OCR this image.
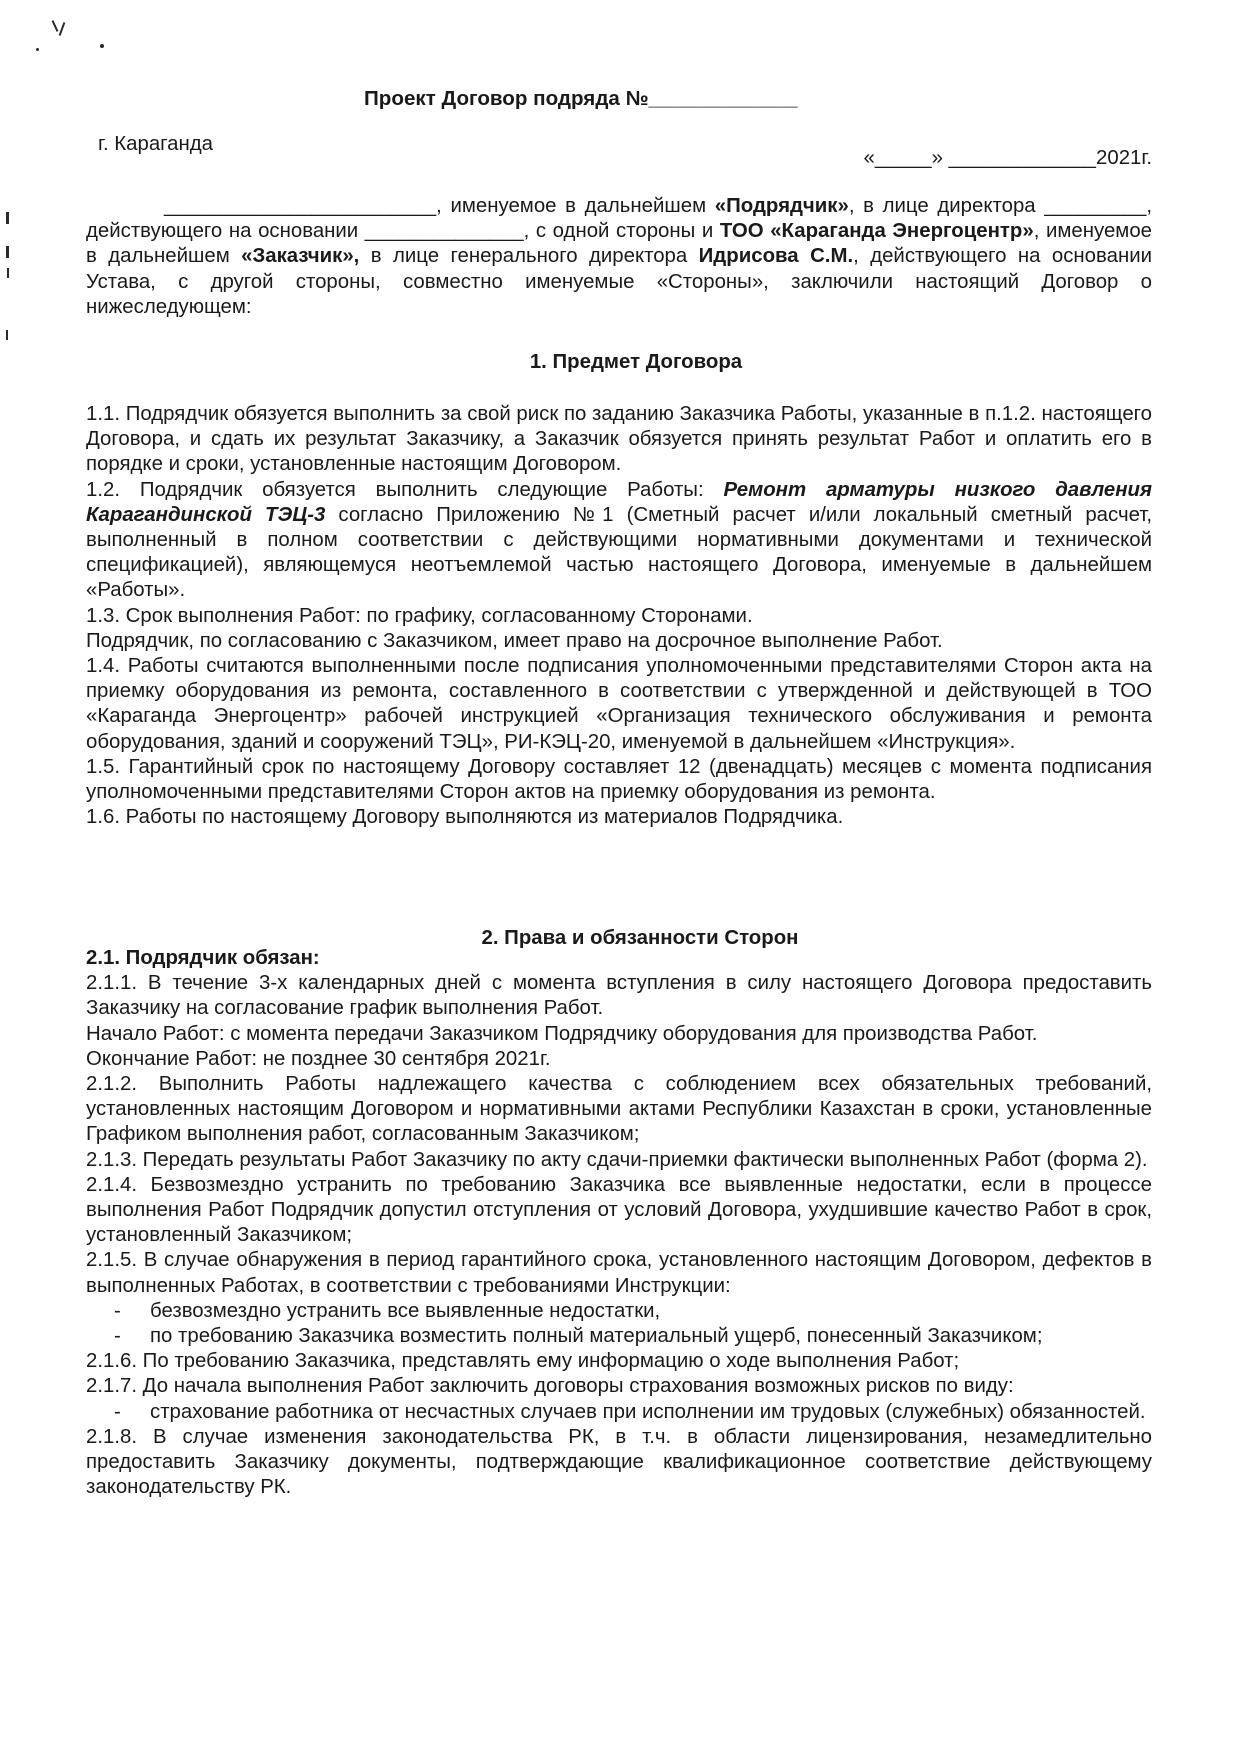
Проект Договор подряда №_____________
г. Караганда
«_____» _____________2021г.

________________________, именуемое в дальнейшем «Подрядчик», в лице директора _________, действующего на основании ______________, с одной стороны и ТОО «Караганда Энергоцентр», именуемое в дальнейшем «Заказчик», в лице генерального директора Идрисова С.М., действующего на основании Устава, с другой стороны, совместно именуемые «Стороны», заключили настоящий Договор о нижеследующем:

1. Предмет Договора

1.1. Подрядчик обязуется выполнить за свой риск по заданию Заказчика Работы, указанные в п.1.2. настоящего Договора, и сдать их результат Заказчику, а Заказчик обязуется принять результат Работ и оплатить его в порядке и сроки, установленные настоящим Договором.

1.2. Подрядчик обязуется выполнить следующие Работы: Ремонт арматуры низкого давления Карагандинской ТЭЦ-3 согласно Приложению №1 (Сметный расчет и/или локальный сметный расчет, выполненный в полном соответствии с действующими нормативными документами и технической спецификацией), являющемуся неотъемлемой частью настоящего Договора, именуемые в дальнейшем «Работы».

1.3. Срок выполнения Работ: по графику, согласованному Сторонами.

Подрядчик, по согласованию с Заказчиком, имеет право на досрочное выполнение Работ.

1.4. Работы считаются выполненными после подписания уполномоченными представителями Сторон акта на приемку оборудования из ремонта, составленного в соответствии с утвержденной и действующей в ТОО «Караганда Энергоцентр» рабочей инструкцией «Организация технического обслуживания и ремонта оборудования, зданий и сооружений ТЭЦ», РИ-КЭЦ-20, именуемой в дальнейшем «Инструкция».

1.5. Гарантийный срок по настоящему Договору составляет 12 (двенадцать) месяцев с момента подписания уполномоченными представителями Сторон актов на приемку оборудования из ремонта.

1.6. Работы по настоящему Договору выполняются из материалов Подрядчика.

2. Права и обязанности Сторон

2.1. Подрядчик обязан:

2.1.1. В течение 3-х календарных дней с момента вступления в силу настоящего Договора предоставить Заказчику на согласование график выполнения Работ.

Начало Работ: с момента передачи Заказчиком Подрядчику оборудования для производства Работ.

Окончание Работ: не позднее 30 сентября 2021г.

2.1.2. Выполнить Работы надлежащего качества с соблюдением всех обязательных требований, установленных настоящим Договором и нормативными актами Республики Казахстан в сроки, установленные Графиком выполнения работ, согласованным Заказчиком;

2.1.3. Передать результаты Работ Заказчику по акту сдачи-приемки фактически выполненных Работ (форма 2).

2.1.4. Безвозмездно устранить по требованию Заказчика все выявленные недостатки, если в процессе выполнения Работ Подрядчик допустил отступления от условий Договора, ухудшившие качество Работ в срок, установленный Заказчиком;

2.1.5. В случае обнаружения в период гарантийного срока, установленного настоящим Договором, дефектов в выполненных Работах, в соответствии с требованиями Инструкции:

- безвозмездно устранить все выявленные недостатки,
- по требованию Заказчика возместить полный материальный ущерб, понесенный Заказчиком;

2.1.6. По требованию Заказчика, представлять ему информацию о ходе выполнения Работ;

2.1.7. До начала выполнения Работ заключить договоры страхования возможных рисков по виду:

- страхование работника от несчастных случаев при исполнении им трудовых (служебных) обязанностей.

2.1.8. В случае изменения законодательства РК, в т.ч. в области лицензирования, незамедлительно предоставить Заказчику документы, подтверждающие квалификационное соответствие действующему законодательству РК.
